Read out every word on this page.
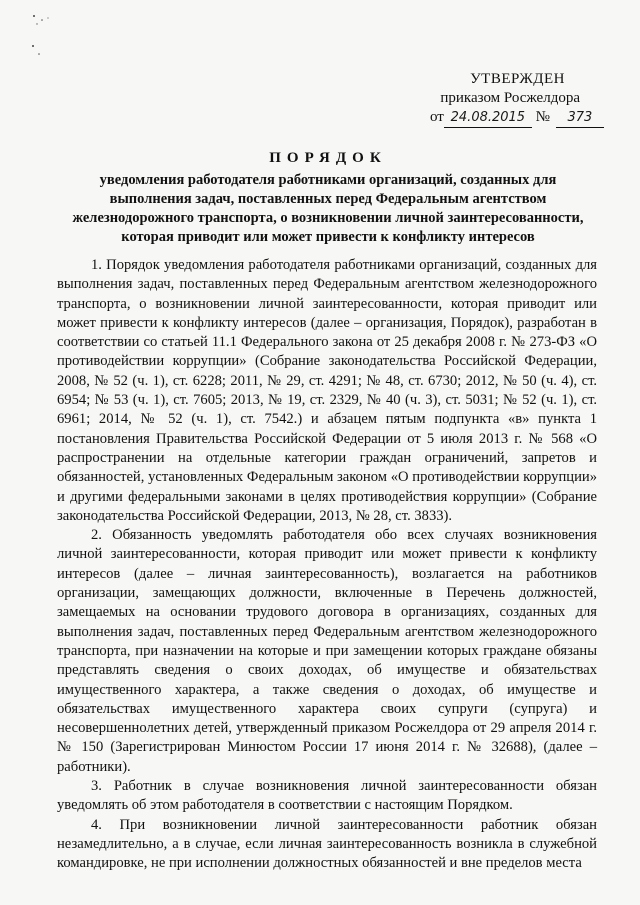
УТВЕРЖДЕН
приказом Росжелдора
от 24.08.2015 № 373
ПОРЯДОК
уведомления работодателя работниками организаций, созданных для выполнения задач, поставленных перед Федеральным агентством железнодорожного транспорта, о возникновении личной заинтересованности, которая приводит или может привести к конфликту интересов

1. Порядок уведомления работодателя работниками организаций, созданных для выполнения задач, поставленных перед Федеральным агентством железнодорожного транспорта, о возникновении личной заинтересованности, которая приводит или может привести к конфликту интересов (далее – организация, Порядок), разработан в соответствии со статьей 11.1 Федерального закона от 25 декабря 2008 г. № 273-ФЗ «О противодействии коррупции» (Собрание законодательства Российской Федерации, 2008, № 52 (ч. 1), ст. 6228; 2011, № 29, ст. 4291; № 48, ст. 6730; 2012, № 50 (ч. 4), ст. 6954; № 53 (ч. 1), ст. 7605; 2013, № 19, ст. 2329, № 40 (ч. 3), ст. 5031; № 52 (ч. 1), ст. 6961; 2014, № 52 (ч. 1), ст. 7542.) и абзацем пятым подпункта «в» пункта 1 постановления Правительства Российской Федерации от 5 июля 2013 г. № 568 «О распространении на отдельные категории граждан ограничений, запретов и обязанностей, установленных Федеральным законом «О противодействии коррупции» и другими федеральными законами в целях противодействия коррупции» (Собрание законодательства Российской Федерации, 2013, № 28, ст. 3833).

2. Обязанность уведомлять работодателя обо всех случаях возникновения личной заинтересованности, которая приводит или может привести к конфликту интересов (далее – личная заинтересованность), возлагается на работников организации, замещающих должности, включенные в Перечень должностей, замещаемых на основании трудового договора в организациях, созданных для выполнения задач, поставленных перед Федеральным агентством железнодорожного транспорта, при назначении на которые и при замещении которых граждане обязаны представлять сведения о своих доходах, об имуществе и обязательствах имущественного характера, а также сведения о доходах, об имуществе и обязательствах имущественного характера своих супруги (супруга) и несовершеннолетних детей, утвержденный приказом Росжелдора от 29 апреля 2014 г. № 150 (Зарегистрирован Минюстом России 17 июня 2014 г. № 32688), (далее – работники).

3. Работник в случае возникновения личной заинтересованности обязан уведомлять об этом работодателя в соответствии с настоящим Порядком.

4. При возникновении личной заинтересованности работник обязан незамедлительно, а в случае, если личная заинтересованность возникла в служебной командировке, не при исполнении должностных обязанностей и вне пределов места
